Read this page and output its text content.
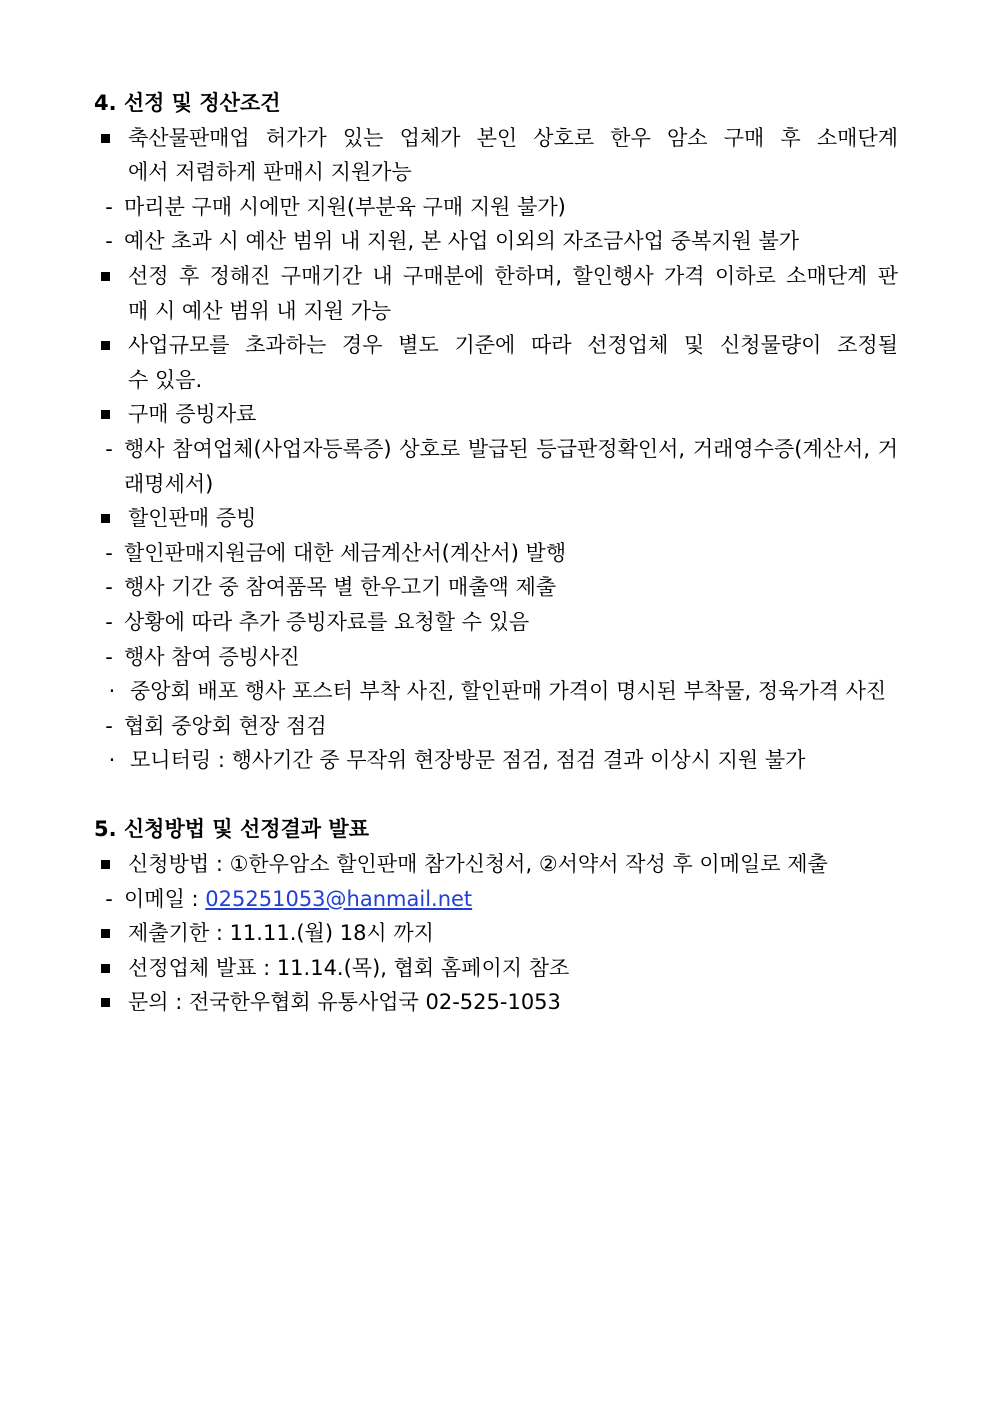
4. 선정 및 정산조건
축산물판매업 허가가 있는 업체가 본인 상호로 한우 암소 구매 후 소매단계
에서 저렴하게 판매시 지원가능
- 마리분 구매 시에만 지원(부분육 구매 지원 불가)
- 예산 초과 시 예산 범위 내 지원, 본 사업 이외의 자조금사업 중복지원 불가
선정 후 정해진 구매기간 내 구매분에 한하며, 할인행사 가격 이하로 소매단계 판
매 시 예산 범위 내 지원 가능
사업규모를 초과하는 경우 별도 기준에 따라 선정업체 및 신청물량이 조정될
수 있음.
구매 증빙자료
- 행사 참여업체(사업자등록증) 상호로 발급된 등급판정확인서, 거래영수증(계산서, 거
래명세서)
할인판매 증빙
- 할인판매지원금에 대한 세금계산서(계산서) 발행
- 행사 기간 중 참여품목 별 한우고기 매출액 제출
- 상황에 따라 추가 증빙자료를 요청할 수 있음
- 행사 참여 증빙사진
· 중앙회 배포 행사 포스터 부착 사진, 할인판매 가격이 명시된 부착물, 정육가격 사진
- 협회 중앙회 현장 점검
· 모니터링 : 행사기간 중 무작위 현장방문 점검, 점검 결과 이상시 지원 불가
5. 신청방법 및 선정결과 발표
신청방법 : ①한우암소 할인판매 참가신청서, ②서약서 작성 후 이메일로 제출
- 이메일 : 025251053@hanmail.net
제출기한 : 11.11.(월) 18시 까지
선정업체 발표 : 11.14.(목), 협회 홈페이지 참조
문의 : 전국한우협회 유통사업국 02-525-1053
